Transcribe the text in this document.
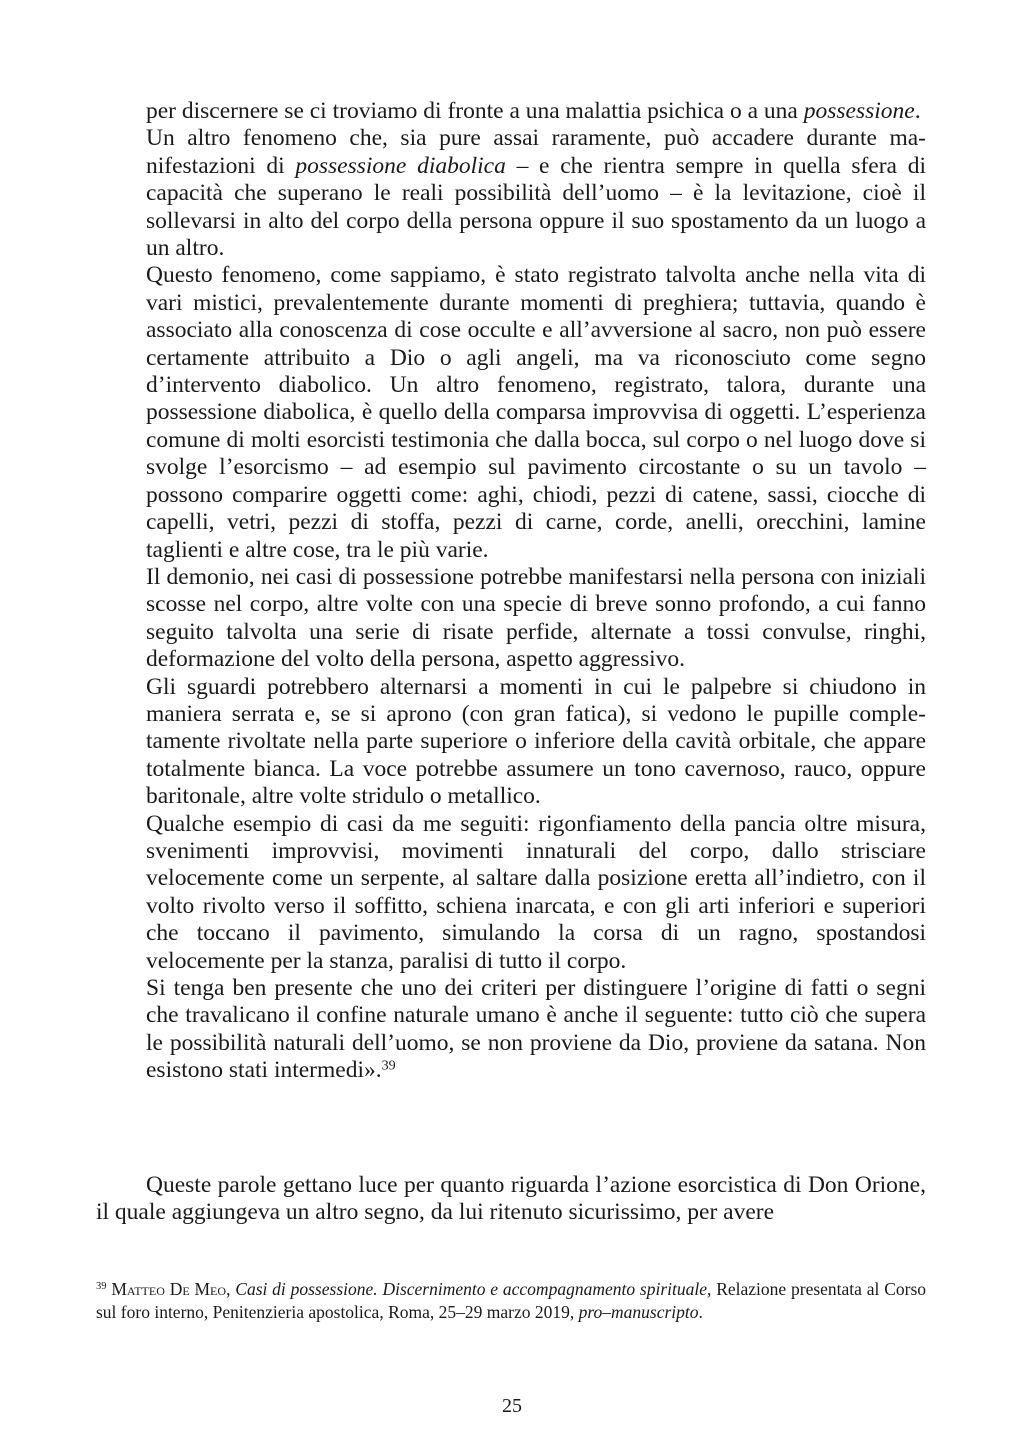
per discernere se ci troviamo di fronte a una malattia psichica o a una possessione.

Un altro fenomeno che, sia pure assai raramente, può accadere durante manifestazioni di possessione diabolica – e che rientra sempre in quella sfera di capacità che superano le reali possibilità dell’uomo – è la levitazione, cioè il sollevarsi in alto del corpo della persona oppure il suo spostamento da un luogo a un altro.

Questo fenomeno, come sappiamo, è stato registrato talvolta anche nella vita di vari mistici, prevalentemente durante momenti di preghiera; tuttavia, quando è associato alla conoscenza di cose occulte e all’avversione al sacro, non può essere certamente attribuito a Dio o agli angeli, ma va riconosciuto come segno d’intervento diabolico. Un altro fenomeno, registrato, talora, durante una possessione diabolica, è quello della comparsa improvvisa di oggetti. L’esperienza comune di molti esorcisti testimonia che dalla bocca, sul corpo o nel luogo dove si svolge l’esorcismo – ad esempio sul pavimento circostante o su un tavolo – possono comparire oggetti come: aghi, chiodi, pezzi di catene, sassi, ciocche di capelli, vetri, pezzi di stoffa, pezzi di carne, corde, anelli, orecchini, lamine taglienti e altre cose, tra le più varie.

Il demonio, nei casi di possessione potrebbe manifestarsi nella persona con iniziali scosse nel corpo, altre volte con una specie di breve sonno profondo, a cui fanno seguito talvolta una serie di risate perfide, alternate a tossi convulse, ringhi, deformazione del volto della persona, aspetto aggressivo.

Gli sguardi potrebbero alternarsi a momenti in cui le palpebre si chiudono in maniera serrata e, se si aprono (con gran fatica), si vedono le pupille completamente rivoltate nella parte superiore o inferiore della cavità orbitale, che appare totalmente bianca. La voce potrebbe assumere un tono cavernoso, rauco, oppure baritonale, altre volte stridulo o metallico.

Qualche esempio di casi da me seguiti: rigonfiamento della pancia oltre misura, svenimenti improvvisi, movimenti innaturali del corpo, dallo strisciare velocemente come un serpente, al saltare dalla posizione eretta all’indietro, con il volto rivolto verso il soffitto, schiena inarcata, e con gli arti inferiori e superiori che toccano il pavimento, simulando la corsa di un ragno, spostandosi velocemente per la stanza, paralisi di tutto il corpo.

Si tenga ben presente che uno dei criteri per distinguere l’origine di fatti o segni che travalicano il confine naturale umano è anche il seguente: tutto ciò che supera le possibilità naturali dell’uomo, se non proviene da Dio, proviene da satana. Non esistono stati intermedi».$^{39}$

Queste parole gettano luce per quanto riguarda l’azione esorcistica di Don Orione, il quale aggiungeva un altro segno, da lui ritenuto sicurissimo, per avere

$^{39}$ Matteo De Meo, Casi di possessione. Discernimento e accompagnamento spirituale, Relazione presentata al Corso sul foro interno, Penitenzieria apostolica, Roma, 25–29 marzo 2019, pro–manuscripto.

25
